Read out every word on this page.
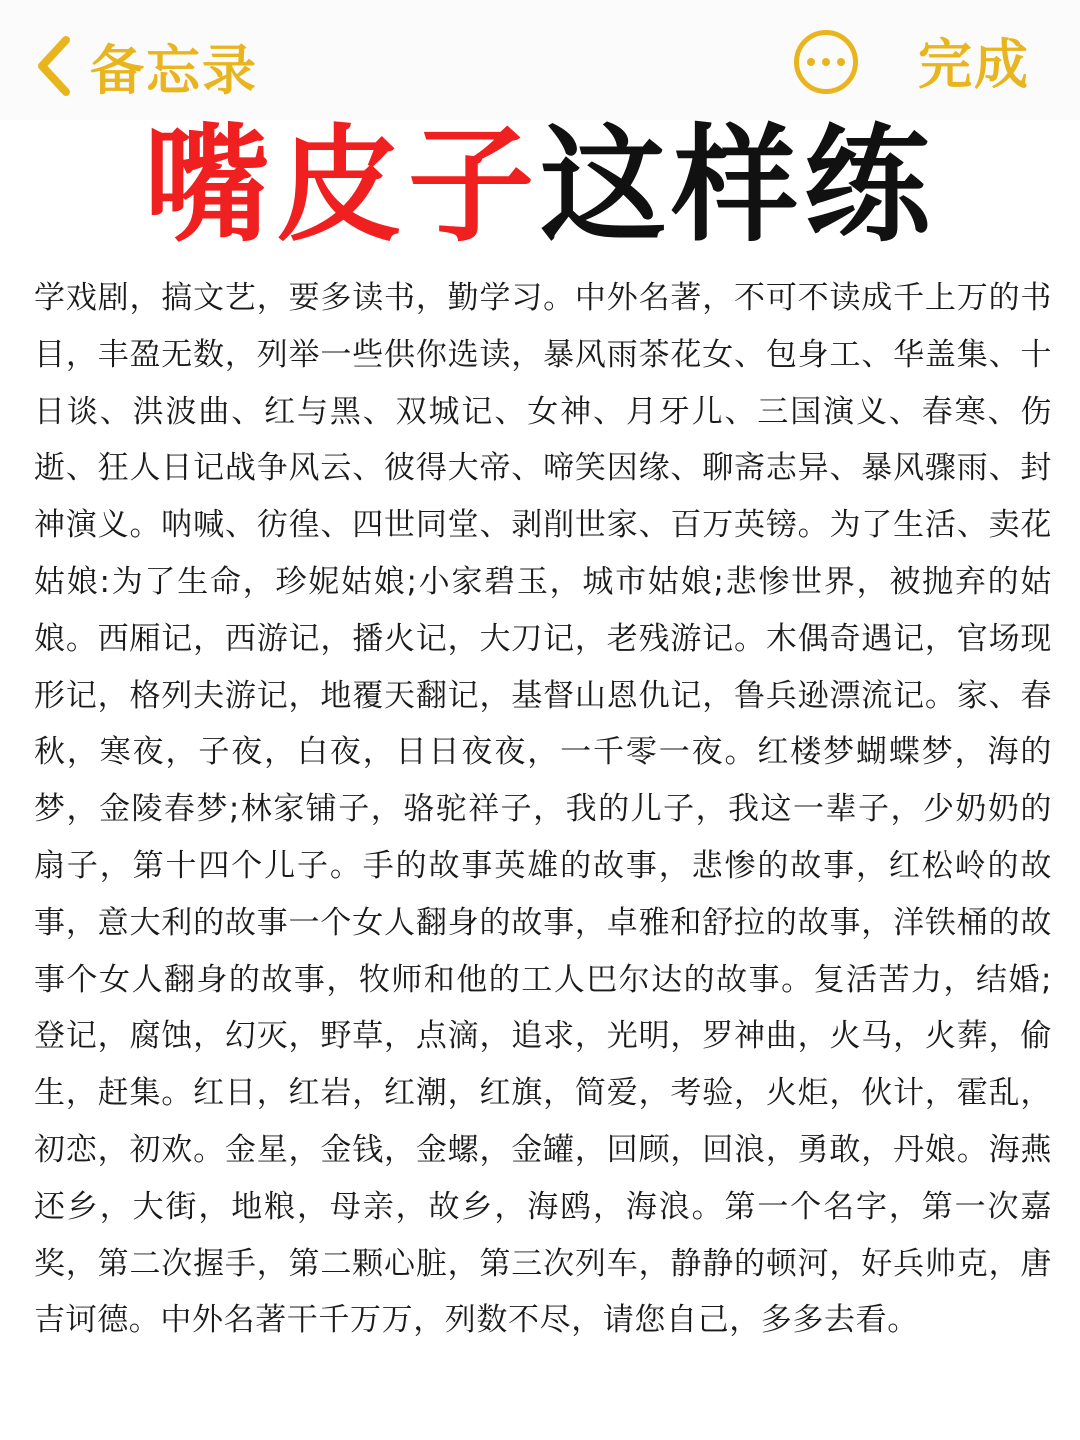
备忘录	完成
嘴皮子这样练

学戏剧，搞文艺，要多读书，勤学习。中外名著，不可不读成千上万的书目，丰盈无数，列举一些供你选读，暴风雨茶花女、包身工、华盖集、十日谈、洪波曲、红与黑、双城记、女神、月牙儿、三国演义、春寒、伤逝、狂人日记战争风云、彼得大帝、啼笑因缘、聊斋志异、暴风骤雨、封神演义。呐喊、彷徨、四世同堂、剥削世家、百万英镑。为了生活、卖花姑娘:为了生命，珍妮姑娘;小家碧玉，城市姑娘;悲惨世界，被抛弃的姑娘。西厢记，西游记，播火记，大刀记，老残游记。木偶奇遇记，官场现形记，格列夫游记，地覆天翻记，基督山恩仇记，鲁兵逊漂流记。家、春秋，寒夜，子夜，白夜，日日夜夜，一千零一夜。红楼梦蝴蝶梦，海的梦，金陵春梦;林家铺子，骆驼祥子，我的儿子，我这一辈子，少奶奶的扇子，第十四个儿子。手的故事英雄的故事，悲惨的故事，红松岭的故事，意大利的故事一个女人翻身的故事，卓雅和舒拉的故事，洋铁桶的故事个女人翻身的故事，牧师和他的工人巴尔达的故事。复活苦力，结婚;登记，腐蚀，幻灭，野草，点滴，追求，光明，罗神曲，火马，火葬，偷生，赶集。红日，红岩，红潮，红旗，简爱，考验，火炬，伙计，霍乱，初恋，初欢。金星，金钱，金螺，金罐，回顾，回浪，勇敢，丹娘。海燕还乡，大街，地粮，母亲，故乡，海鸥，海浪。第一个名字，第一次嘉奖，第二次握手，第二颗心脏，第三次列车，静静的顿河，好兵帅克，唐吉诃德。中外名著干千万万，列数不尽，请您自己，多多去看。
